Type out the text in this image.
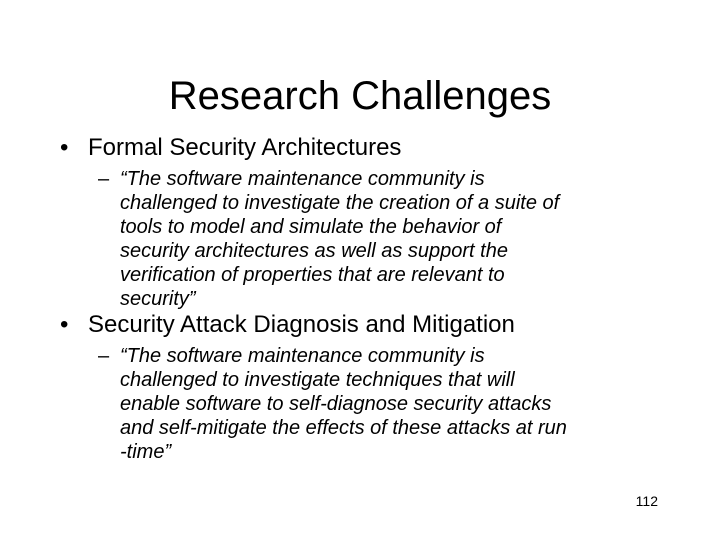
Research Challenges
• Formal Security Architectures
– “The software maintenance community is
challenged to investigate the creation of a suite of
tools to model and simulate the behavior of
security architectures as well as support the
verification of properties that are relevant to
security”
• Security Attack Diagnosis and Mitigation
– “The software maintenance community is
challenged to investigate techniques that will
enable software to self-diagnose security attacks
and self-mitigate the effects of these attacks at run
-time”
112
